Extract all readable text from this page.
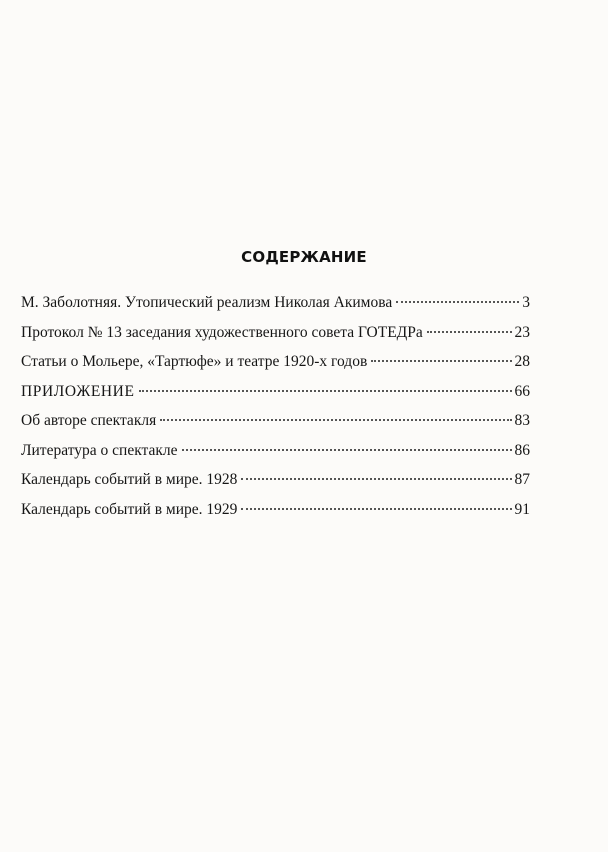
СОДЕРЖАНИЕ
М. Заболотняя. Утопический реализм Николая Акимова	3
Протокол № 13 заседания художественного совета ГОТЕДРа	23
Статьи о Мольере, «Тартюфе» и театре 1920-х годов	28
ПРИЛОЖЕНИЕ	66
Об авторе спектакля	83
Литература о спектакле	86
Календарь событий в мире. 1928	87
Календарь событий в мире. 1929	91
